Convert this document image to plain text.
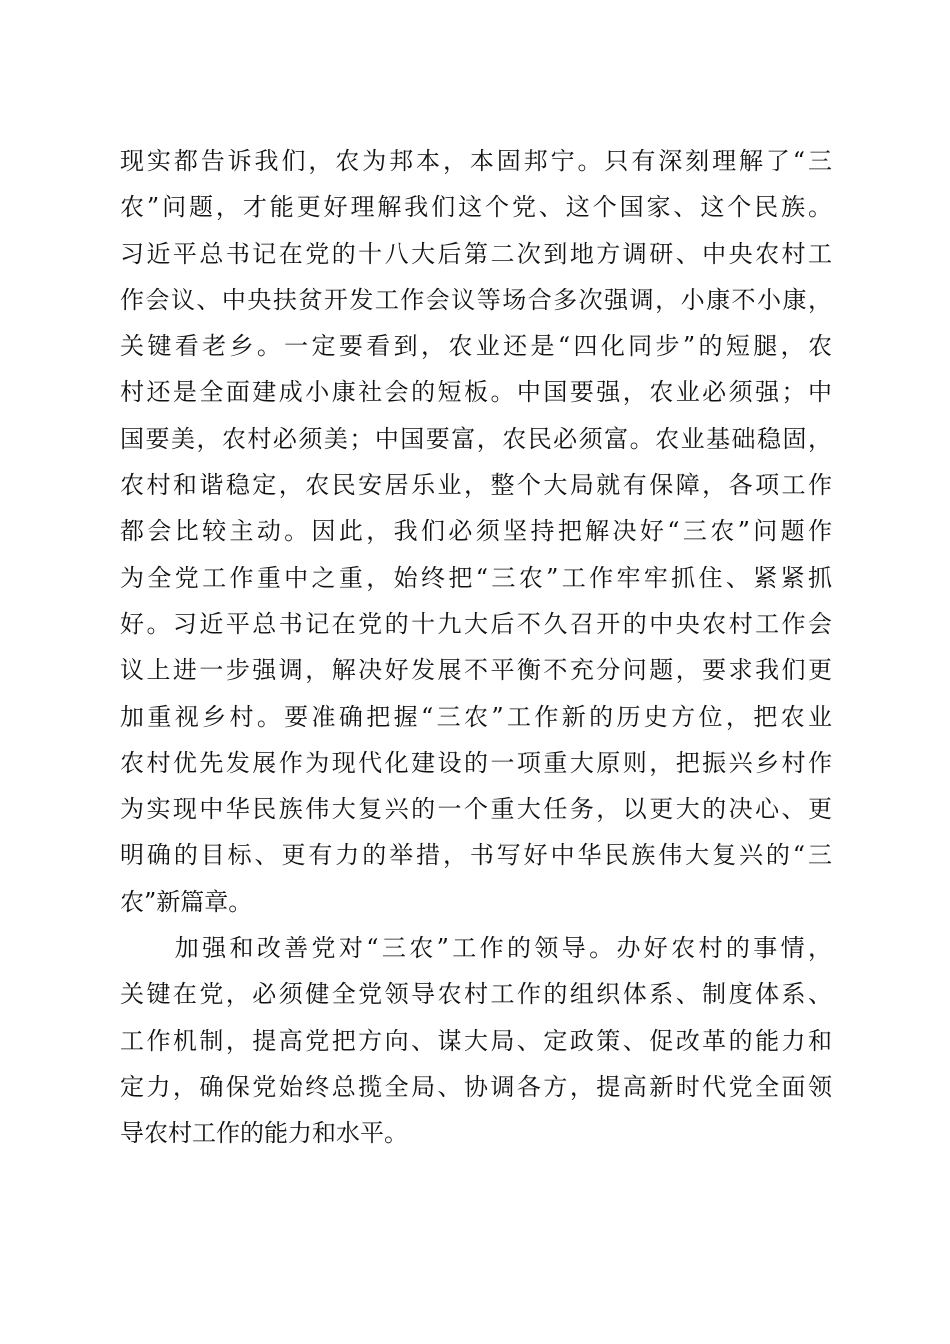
现实都告诉我们，农为邦本，本固邦宁。只有深刻理解了“三
农”问题，才能更好理解我们这个党、这个国家、这个民族。
习近平总书记在党的十八大后第二次到地方调研、中央农村工
作会议、中央扶贫开发工作会议等场合多次强调，小康不小康，
关键看老乡。一定要看到，农业还是“四化同步”的短腿，农
村还是全面建成小康社会的短板。中国要强，农业必须强；中
国要美，农村必须美；中国要富，农民必须富。农业基础稳固，
农村和谐稳定，农民安居乐业，整个大局就有保障，各项工作
都会比较主动。因此，我们必须坚持把解决好“三农”问题作
为全党工作重中之重，始终把“三农”工作牢牢抓住、紧紧抓
好。习近平总书记在党的十九大后不久召开的中央农村工作会
议上进一步强调，解决好发展不平衡不充分问题，要求我们更
加重视乡村。要准确把握“三农”工作新的历史方位，把农业
农村优先发展作为现代化建设的一项重大原则，把振兴乡村作
为实现中华民族伟大复兴的一个重大任务，以更大的决心、更
明确的目标、更有力的举措，书写好中华民族伟大复兴的“三
农”新篇章。
　　加强和改善党对“三农”工作的领导。办好农村的事情，
关键在党，必须健全党领导农村工作的组织体系、制度体系、
工作机制，提高党把方向、谋大局、定政策、促改革的能力和
定力，确保党始终总揽全局、协调各方，提高新时代党全面领
导农村工作的能力和水平。
